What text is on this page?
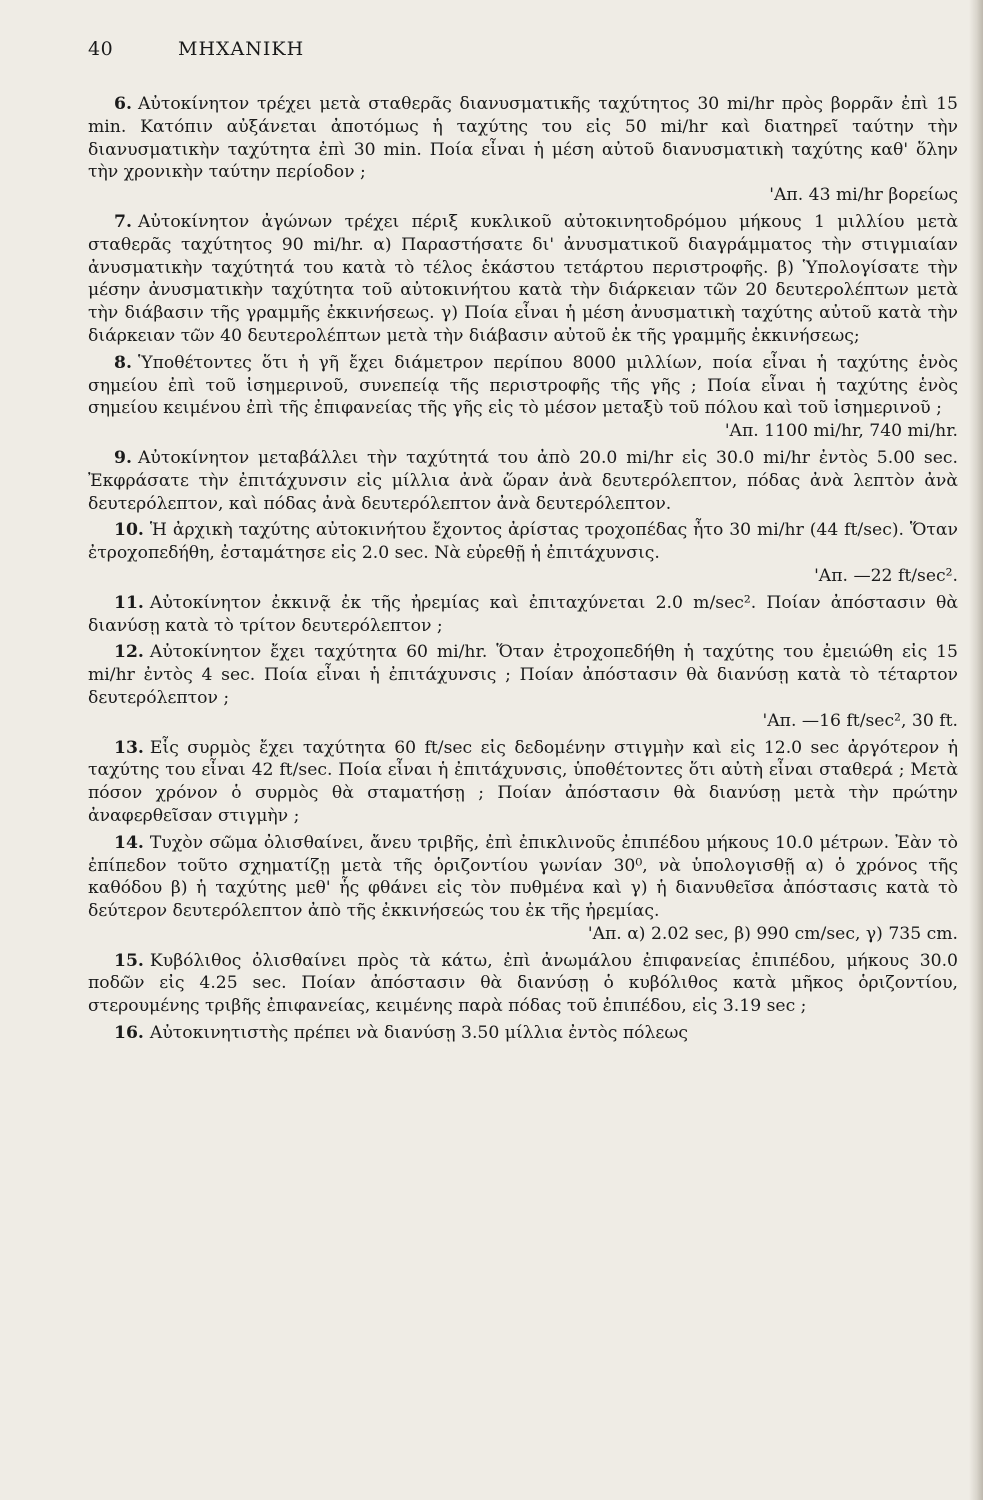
40	ΜΗΧΑΝΙΚΗ

6. Αὐτοκίνητον τρέχει μετὰ σταθερᾶς διανυσματικῆς ταχύτητος 30 mi/hr πρὸς βορρᾶν ἐπὶ 15 min. Κατόπιν αὐξάνεται ἀποτόμως ἡ ταχύτης του εἰς 50 mi/hr καὶ διατηρεῖ ταύτην τὴν διανυσματικὴν ταχύτητα ἐπὶ 30 min. Ποία εἶναι ἡ μέση αὐτοῦ διανυσματικὴ ταχύτης καθ' ὅλην τὴν χρονικὴν ταύτην περίοδον ;
'Απ. 43 mi/hr βορείως

7. Αὐτοκίνητον ἀγώνων τρέχει πέριξ κυκλικοῦ αὐτοκινητοδρόμου μήκους 1 μιλλίου μετὰ σταθερᾶς ταχύτητος 90 mi/hr. α) Παραστήσατε δι' ἀνυσματικοῦ διαγράμματος τὴν στιγμιαίαν ἀνυσματικὴν ταχύτητά του κατὰ τὸ τέλος ἑκάστου τετάρτου περιστροφῆς. β) Ὑπολογίσατε τὴν μέσην ἀνυσματικὴν ταχύτητα τοῦ αὐτοκινήτου κατὰ τὴν διάρκειαν τῶν 20 δευτερολέπτων μετὰ τὴν διάβασιν τῆς γραμμῆς ἐκκινήσεως. γ) Ποία εἶναι ἡ μέση ἀνυσματικὴ ταχύτης αὐτοῦ κατὰ τὴν διάρκειαν τῶν 40 δευτερολέπτων μετὰ τὴν διάβασιν αὐτοῦ ἐκ τῆς γραμμῆς ἐκκινήσεως;

8. Ὑποθέτοντες ὅτι ἡ γῆ ἔχει διάμετρον περίπου 8000 μιλλίων, ποία εἶναι ἡ ταχύτης ἑνὸς σημείου ἐπὶ τοῦ ἰσημερινοῦ, συνεπείᾳ τῆς περιστροφῆς τῆς γῆς ; Ποία εἶναι ἡ ταχύτης ἑνὸς σημείου κειμένου ἐπὶ τῆς ἐπιφανείας τῆς γῆς εἰς τὸ μέσον μεταξὺ τοῦ πόλου καὶ τοῦ ἰσημερινοῦ ;
'Απ. 1100 mi/hr, 740 mi/hr.

9. Αὐτοκίνητον μεταβάλλει τὴν ταχύτητά του ἀπὸ 20.0 mi/hr εἰς 30.0 mi/hr ἐντὸς 5.00 sec. Ἐκφράσατε τὴν ἐπιτάχυνσιν εἰς μίλλια ἀνὰ ὥραν ἀνὰ δευτερόλεπτον, πόδας ἀνὰ λεπτὸν ἀνὰ δευτερόλεπτον, καὶ πόδας ἀνὰ δευτερόλεπτον ἀνὰ δευτερόλεπτον.

10. Ἡ ἀρχικὴ ταχύτης αὐτοκινήτου ἔχοντος ἀρίστας τροχοπέδας ἦτο 30 mi/hr (44 ft/sec). Ὅταν ἐτροχοπεδήθη, ἐσταμάτησε εἰς 2.0 sec. Νὰ εὑρεθῇ ἡ ἐπιτάχυνσις.
'Απ. —22 ft/sec².

11. Αὐτοκίνητον ἐκκινᾷ ἐκ τῆς ἠρεμίας καὶ ἐπιταχύνεται 2.0 m/sec². Ποίαν ἀπόστασιν θὰ διανύσῃ κατὰ τὸ τρίτον δευτερόλεπτον ;

12. Αὐτοκίνητον ἔχει ταχύτητα 60 mi/hr. Ὅταν ἐτροχοπεδήθη ἡ ταχύτης του ἐμειώθη εἰς 15 mi/hr ἐντὸς 4 sec. Ποία εἶναι ἡ ἐπιτάχυνσις ; Ποίαν ἀπόστασιν θὰ διανύσῃ κατὰ τὸ τέταρτον δευτερόλεπτον ;
'Απ. —16 ft/sec², 30 ft.

13. Εἷς συρμὸς ἔχει ταχύτητα 60 ft/sec εἰς δεδομένην στιγμὴν καὶ εἰς 12.0 sec ἀργότερον ἡ ταχύτης του εἶναι 42 ft/sec. Ποία εἶναι ἡ ἐπιτάχυνσις, ὑποθέτοντες ὅτι αὐτὴ εἶναι σταθερά ; Μετὰ πόσον χρόνον ὁ συρμὸς θὰ σταματήσῃ ; Ποίαν ἀπόστασιν θὰ διανύσῃ μετὰ τὴν πρώτην ἀναφερθεῖσαν στιγμὴν ;

14. Τυχὸν σῶμα ὀλισθαίνει, ἄνευ τριβῆς, ἐπὶ ἐπικλινοῦς ἐπιπέδου μήκους 10.0 μέτρων. Ἐὰν τὸ ἐπίπεδον τοῦτο σχηματίζῃ μετὰ τῆς ὁριζοντίου γωνίαν 30⁰, νὰ ὑπολογισθῇ α) ὁ χρόνος τῆς καθόδου β) ἡ ταχύτης μεθ' ἧς φθάνει εἰς τὸν πυθμένα καὶ γ) ἡ διανυθεῖσα ἀπόστασις κατὰ τὸ δεύτερον δευτερόλεπτον ἀπὸ τῆς ἐκκινήσεώς του ἐκ τῆς ἠρεμίας.
'Απ. α) 2.02 sec, β) 990 cm/sec, γ) 735 cm.

15. Κυβόλιθος ὀλισθαίνει πρὸς τὰ κάτω, ἐπὶ ἀνωμάλου ἐπιφανείας ἐπιπέδου, μήκους 30.0 ποδῶν εἰς 4.25 sec. Ποίαν ἀπόστασιν θὰ διανύσῃ ὁ κυβόλιθος κατὰ μῆκος ὁριζοντίου, στερουμένης τριβῆς ἐπιφανείας, κειμένης παρὰ πόδας τοῦ ἐπιπέδου, εἰς 3.19 sec ;

16. Αὐτοκινητιστὴς πρέπει νὰ διανύσῃ 3.50 μίλλια ἐντὸς πόλεως
